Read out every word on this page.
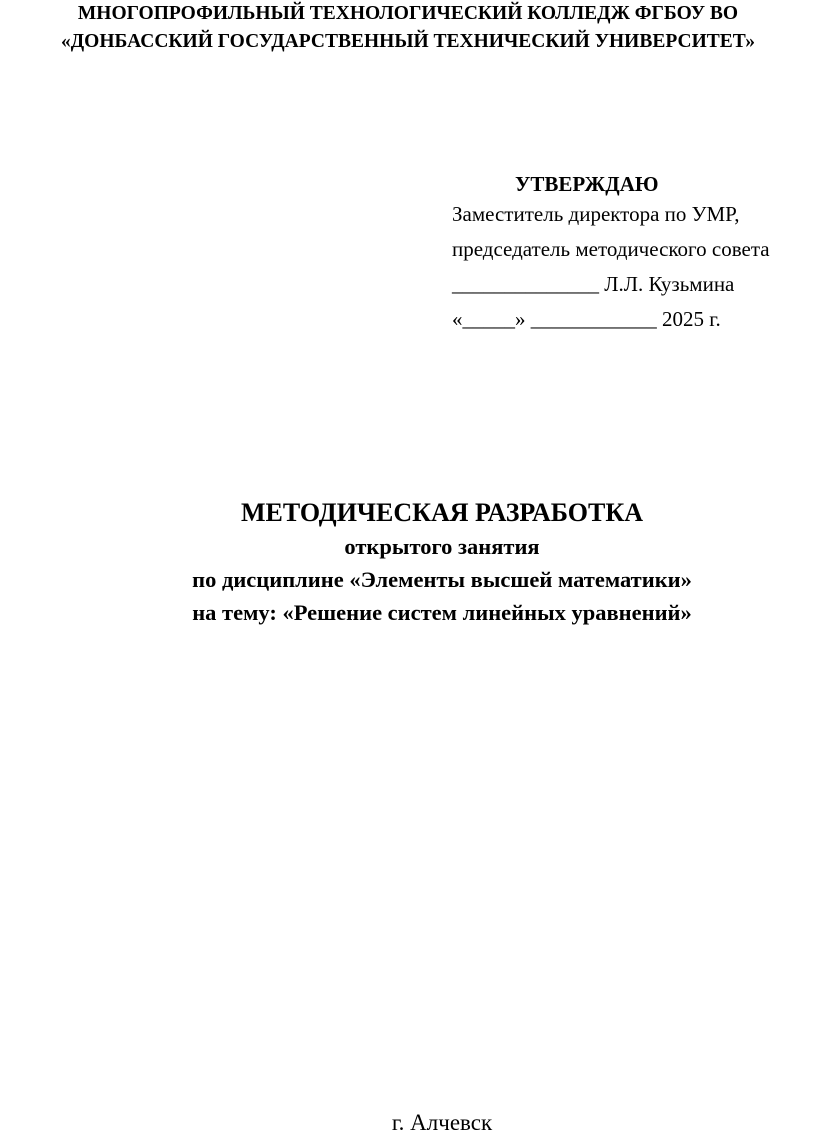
МНОГОПРОФИЛЬНЫЙ ТЕХНОЛОГИЧЕСКИЙ КОЛЛЕДЖ ФГБОУ ВО
«ДОНБАССКИЙ ГОСУДАРСТВЕННЫЙ ТЕХНИЧЕСКИЙ УНИВЕРСИТЕТ»
УТВЕРЖДАЮ
Заместитель директора по УМР,
председатель методического совета
______________ Л.Л. Кузьмина
«_____» ____________ 2025 г.
МЕТОДИЧЕСКАЯ РАЗРАБОТКА
открытого занятия
по дисциплине «Элементы высшей математики»
на тему: «Решение систем линейных уравнений»
г. Алчевск
